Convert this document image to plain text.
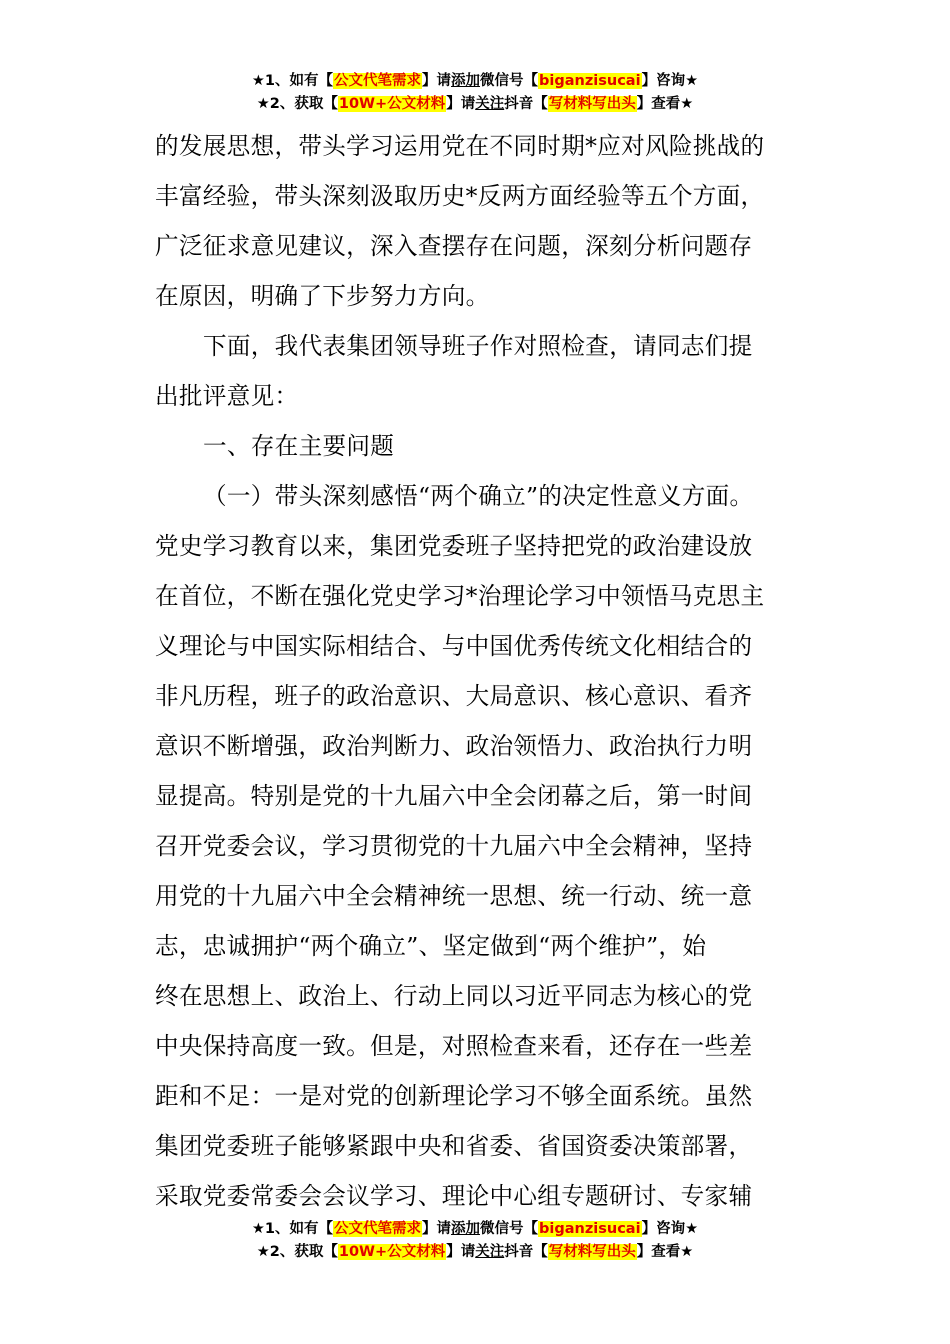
★1、如有【公文代笔需求】请添加微信号【biganzisucai】咨询★
★2、获取【10W+公文材料】请关注抖音【写材料写出头】查看★

的发展思想，带头学习运用党在不同时期*应对风险挑战的

丰富经验，带头深刻汲取历史*反两方面经验等五个方面，

广泛征求意见建议，深入查摆存在问题，深刻分析问题存

在原因，明确了下步努力方向。

下面，我代表集团领导班子作对照检查，请同志们提

出批评意见：

一、存在主要问题

（一）带头深刻感悟“两个确立”的决定性意义方面。

党史学习教育以来，集团党委班子坚持把党的政治建设放

在首位，不断在强化党史学习*治理论学习中领悟马克思主

义理论与中国实际相结合、与中国优秀传统文化相结合的

非凡历程，班子的政治意识、大局意识、核心意识、看齐

意识不断增强，政治判断力、政治领悟力、政治执行力明

显提高。特别是党的十九届六中全会闭幕之后，第一时间

召开党委会议，学习贯彻党的十九届六中全会精神，坚持

用党的十九届六中全会精神统一思想、统一行动、统一意

志，忠诚拥护“两个确立”、坚定做到“两个维护”，始

终在思想上、政治上、行动上同以习近平同志为核心的党

中央保持高度一致。但是，对照检查来看，还存在一些差

距和不足：一是对党的创新理论学习不够全面系统。虽然

集团党委班子能够紧跟中央和省委、省国资委决策部署，

采取党委常委会会议学习、理论中心组专题研讨、专家辅

★1、如有【公文代笔需求】请添加微信号【biganzisucai】咨询★
★2、获取【10W+公文材料】请关注抖音【写材料写出头】查看★
